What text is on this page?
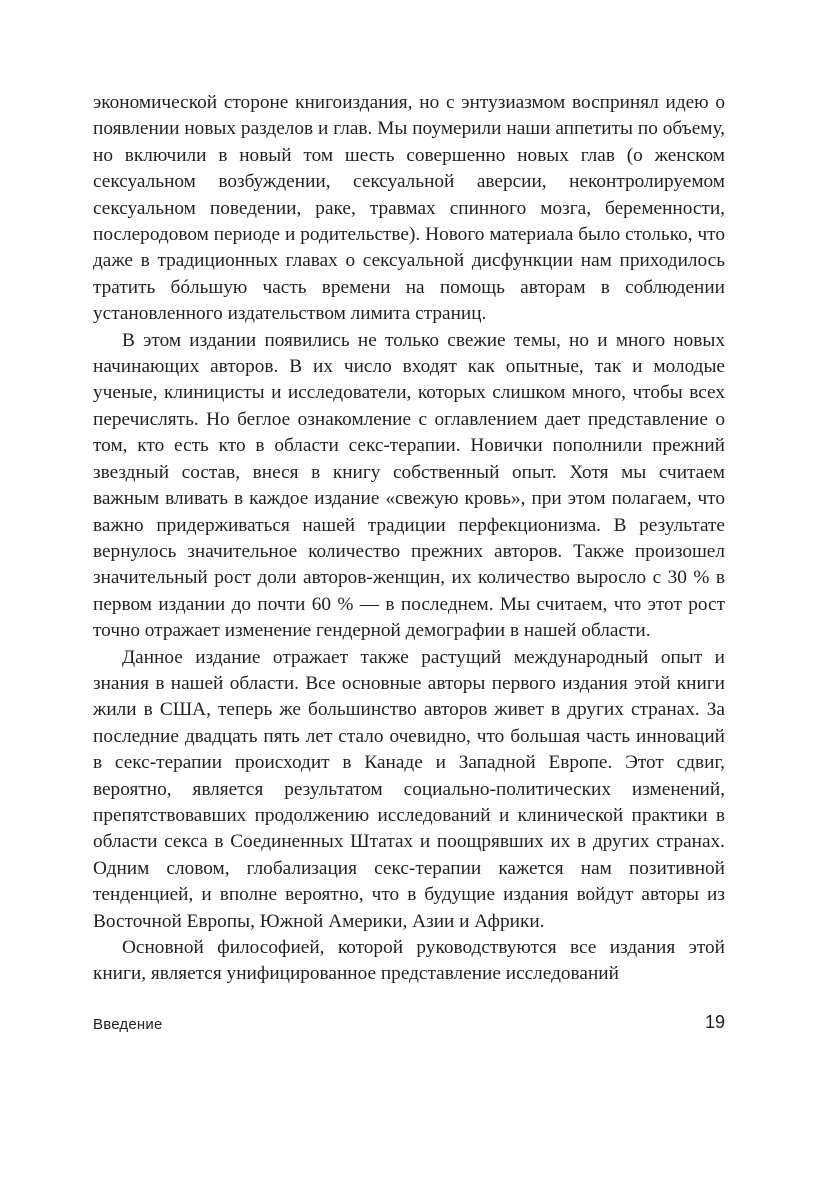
экономической стороне книгоиздания, но с энтузиазмом воспринял идею о появлении новых разделов и глав. Мы поумерили наши аппетиты по объему, но включили в новый том шесть совершенно новых глав (о женском сексуальном возбуждении, сексуальной аверсии, неконтролируемом сексуальном поведении, раке, травмах спинного мозга, беременности, послеродовом периоде и родительстве). Нового материала было столько, что даже в традиционных главах о сексуальной дисфункции нам приходилось тратить бóльшую часть времени на помощь авторам в соблюдении установленного издательством лимита страниц.

В этом издании появились не только свежие темы, но и много новых начинающих авторов. В их число входят как опытные, так и молодые ученые, клиницисты и исследователи, которых слишком много, чтобы всех перечислять. Но беглое ознакомление с оглавлением дает представление о том, кто есть кто в области секс-терапии. Новички пополнили прежний звездный состав, внеся в книгу собственный опыт. Хотя мы считаем важным вливать в каждое издание «свежую кровь», при этом полагаем, что важно придерживаться нашей традиции перфекционизма. В результате вернулось значительное количество прежних авторов. Также произошел значительный рост доли авторов-женщин, их количество выросло с 30 % в первом издании до почти 60 % — в последнем. Мы считаем, что этот рост точно отражает изменение гендерной демографии в нашей области.

Данное издание отражает также растущий международный опыт и знания в нашей области. Все основные авторы первого издания этой книги жили в США, теперь же большинство авторов живет в других странах. За последние двадцать пять лет стало очевидно, что большая часть инноваций в секс-терапии происходит в Канаде и Западной Европе. Этот сдвиг, вероятно, является результатом социально-политических изменений, препятствовавших продолжению исследований и клинической практики в области секса в Соединенных Штатах и поощрявших их в других странах. Одним словом, глобализация секс-терапии кажется нам позитивной тенденцией, и вполне вероятно, что в будущие издания войдут авторы из Восточной Европы, Южной Америки, Азии и Африки.

Основной философией, которой руководствуются все издания этой книги, является унифицированное представление исследований

Введение	19
